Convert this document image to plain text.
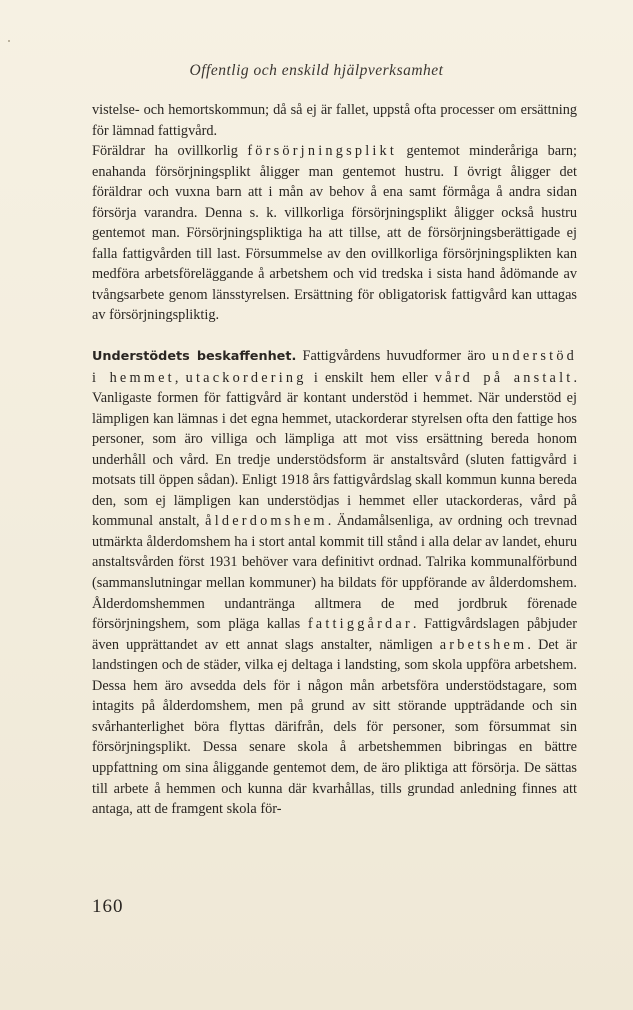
Offentlig och enskild hjälpverksamhet

vistelse- och hemortskommun; då så ej är fallet, uppstå ofta processer om ersättning för lämnad fattigvård.

Föräldrar ha ovillkorlig försörjningsplikt gentemot minderåriga barn; enahanda försörjningsplikt åligger man gentemot hustru. I övrigt åligger det föräldrar och vuxna barn att i mån av behov å ena samt förmåga å andra sidan försörja varandra. Denna s. k. villkorliga försörjningsplikt åligger också hustru gentemot man. Försörjningspliktiga ha att tillse, att de försörjningsberättigade ej falla fattigvården till last. Försummelse av den ovillkorliga försörjningsplikten kan medföra arbetsföreläggande å arbetshem och vid tredska i sista hand ådömande av tvångsarbete genom länsstyrelsen. Ersättning för obligatorisk fattigvård kan uttagas av försörjningspliktig.

Understödets beskaffenhet. Fattigvårdens huvudformer äro understöd i hemmet, utackordering i enskilt hem eller vård på anstalt. Vanligaste formen för fattigvård är kontant understöd i hemmet. När understöd ej lämpligen kan lämnas i det egna hemmet, utackorderar styrelsen ofta den fattige hos personer, som äro villiga och lämpliga att mot viss ersättning bereda honom underhåll och vård. En tredje understödsform är anstaltsvård (sluten fattigvård i motsats till öppen sådan). Enligt 1918 års fattigvårdslag skall kommun kunna bereda den, som ej lämpligen kan understödjas i hemmet eller utackorderas, vård på kommunal anstalt, ålderdomshem. Ändamålsenliga, av ordning och trevnad utmärkta ålderdomshem ha i stort antal kommit till stånd i alla delar av landet, ehuru anstaltsvården först 1931 behöver vara definitivt ordnad. Talrika kommunalförbund (sammanslutningar mellan kommuner) ha bildats för uppförande av ålderdomshem. Ålderdomshemmen undantränga alltmera de med jordbruk förenade försörjningshem, som pläga kallas fattiggårdar. Fattigvårdslagen påbjuder även upprättandet av ett annat slags anstalter, nämligen arbetshem. Det är landstingen och de städer, vilka ej deltaga i landsting, som skola uppföra arbetshem. Dessa hem äro avsedda dels för i någon mån arbetsföra understödstagare, som intagits på ålderdomshem, men på grund av sitt störande uppträdande och sin svårhanterlighet böra flyttas därifrån, dels för personer, som försummat sin försörjningsplikt. Dessa senare skola å arbetshemmen bibringas en bättre uppfattning om sina åliggande gentemot dem, de äro pliktiga att försörja. De sättas till arbete å hemmen och kunna där kvarhållas, tills grundad anledning finnes att antaga, att de framgent skola för-

160
